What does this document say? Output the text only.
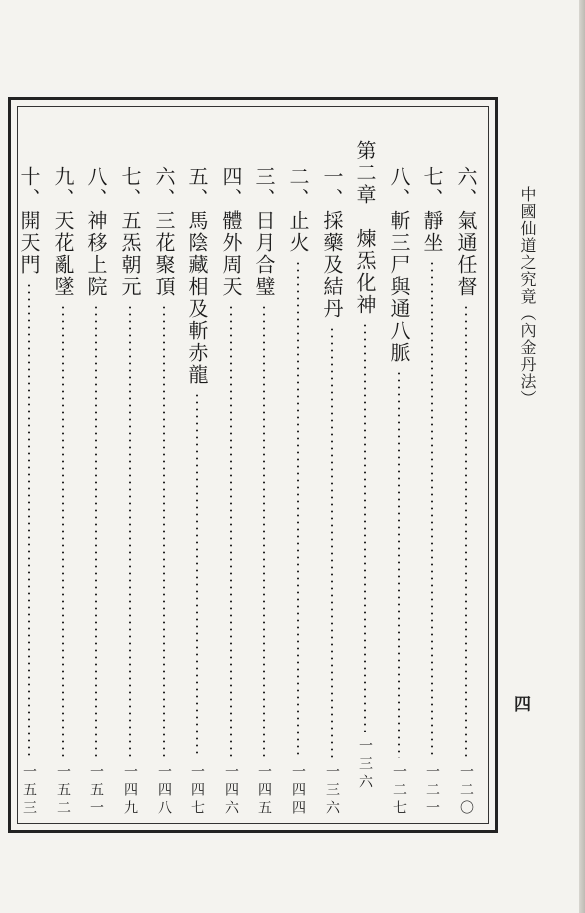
中國仙道之究竟（內金丹法）
四
六、氣通任督
一二〇
七、靜坐
一二一
八、斬三尸與通八脈
一二七
第二章　煉炁化神
一三六
一、採藥及結丹
一三六
二、止火
一四四
三、日月合璧
一四五
四、體外周天
一四六
五、馬陰藏相及斬赤龍
一四七
六、三花聚頂
一四八
七、五炁朝元
一四九
八、神移上院
一五一
九、天花亂墜
一五二
十、開天門
一五三
